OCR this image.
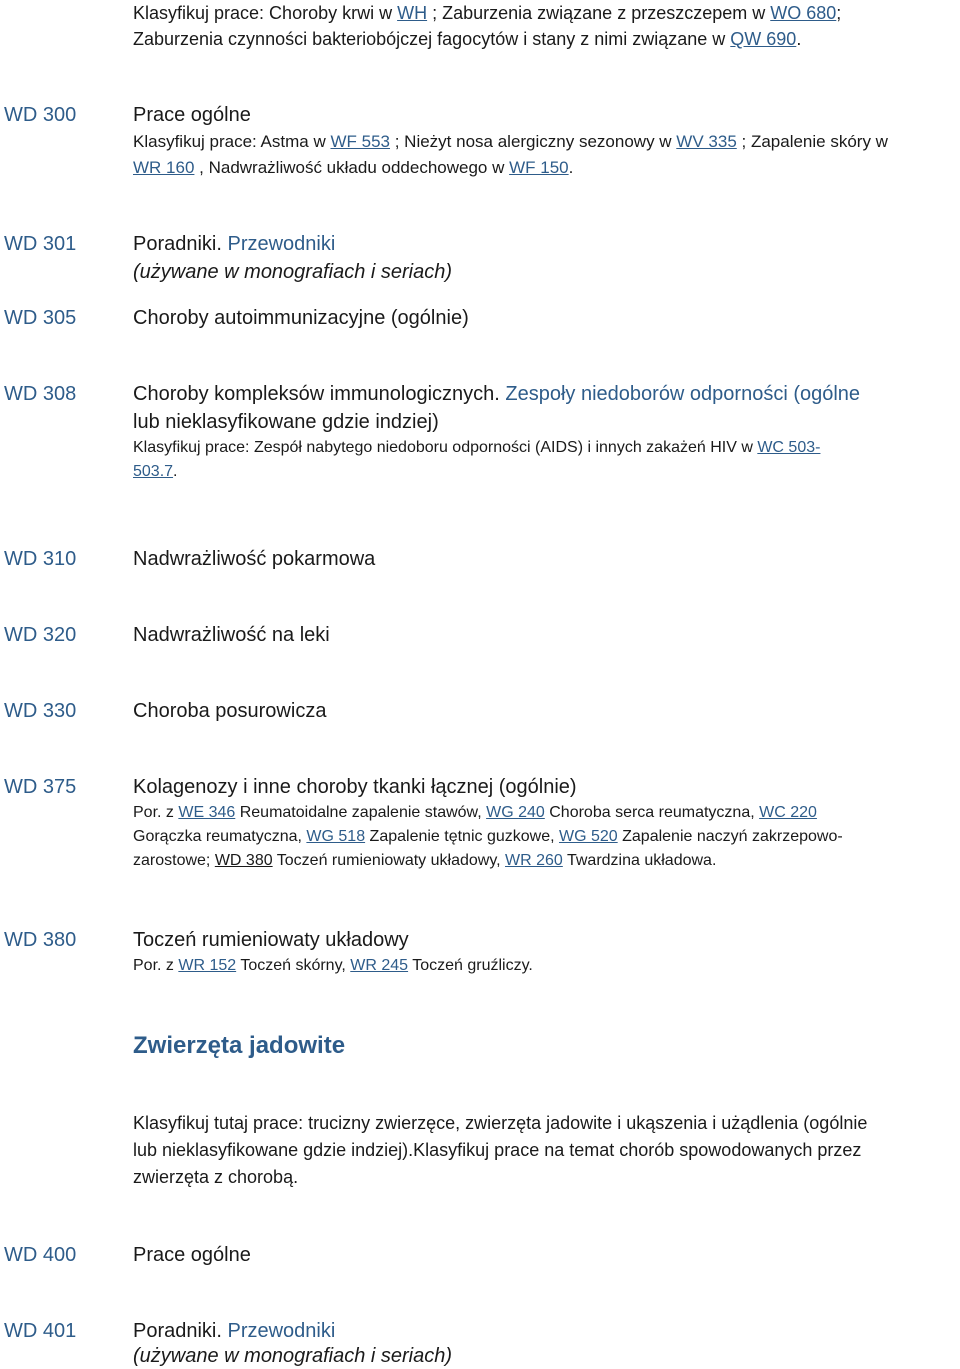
Klasyfikuj prace: Choroby krwi w WH ; Zaburzenia związane z przeszczepem w WO 680;
Zaburzenia czynności bakteriobójczej fagocytów i stany z nimi związane w QW 690.
WD 300	Prace ogólne
Klasyfikuj prace: Astma w WF 553 ; Nieżyt nosa alergiczny sezonowy w WV 335 ; Zapalenie skóry w
WR 160 , Nadwrażliwość układu oddechowego w WF 150.
WD 301	Poradniki. Przewodniki
(używane w monografiach i seriach)
WD 305	Choroby autoimmunizacyjne (ogólnie)
WD 308	Choroby kompleksów immunologicznych. Zespoły niedoborów odporności (ogólne
lub nieklasyfikowane gdzie indziej)
Klasyfikuj prace: Zespół nabytego niedoboru odporności (AIDS) i innych zakażeń HIV w WC 503-
503.7.
WD 310	Nadwrażliwość pokarmowa
WD 320	Nadwrażliwość na leki
WD 330	Choroba posurowicza
WD 375	Kolagenozy i inne choroby tkanki łącznej (ogólnie)
Por. z WE 346 Reumatoidalne zapalenie stawów, WG 240 Choroba serca reumatyczna, WC 220
Gorączka reumatyczna, WG 518 Zapalenie tętnic guzkowe, WG 520 Zapalenie naczyń zakrzepowo-
zarostowe; WD 380 Toczeń rumieniowaty układowy, WR 260 Twardzina układowa.
WD 380	Toczeń rumieniowaty układowy
Por. z WR 152 Toczeń skórny, WR 245 Toczeń gruźliczy.
Zwierzęta jadowite
Klasyfikuj tutaj prace: trucizny zwierzęce, zwierzęta jadowite i ukąszenia i użądlenia (ogólnie
lub nieklasyfikowane gdzie indziej).Klasyfikuj prace na temat chorób spowodowanych przez
zwierzęta z chorobą.
WD 400	Prace ogólne
WD 401	Poradniki. Przewodniki
(używane w monografiach i seriach)
